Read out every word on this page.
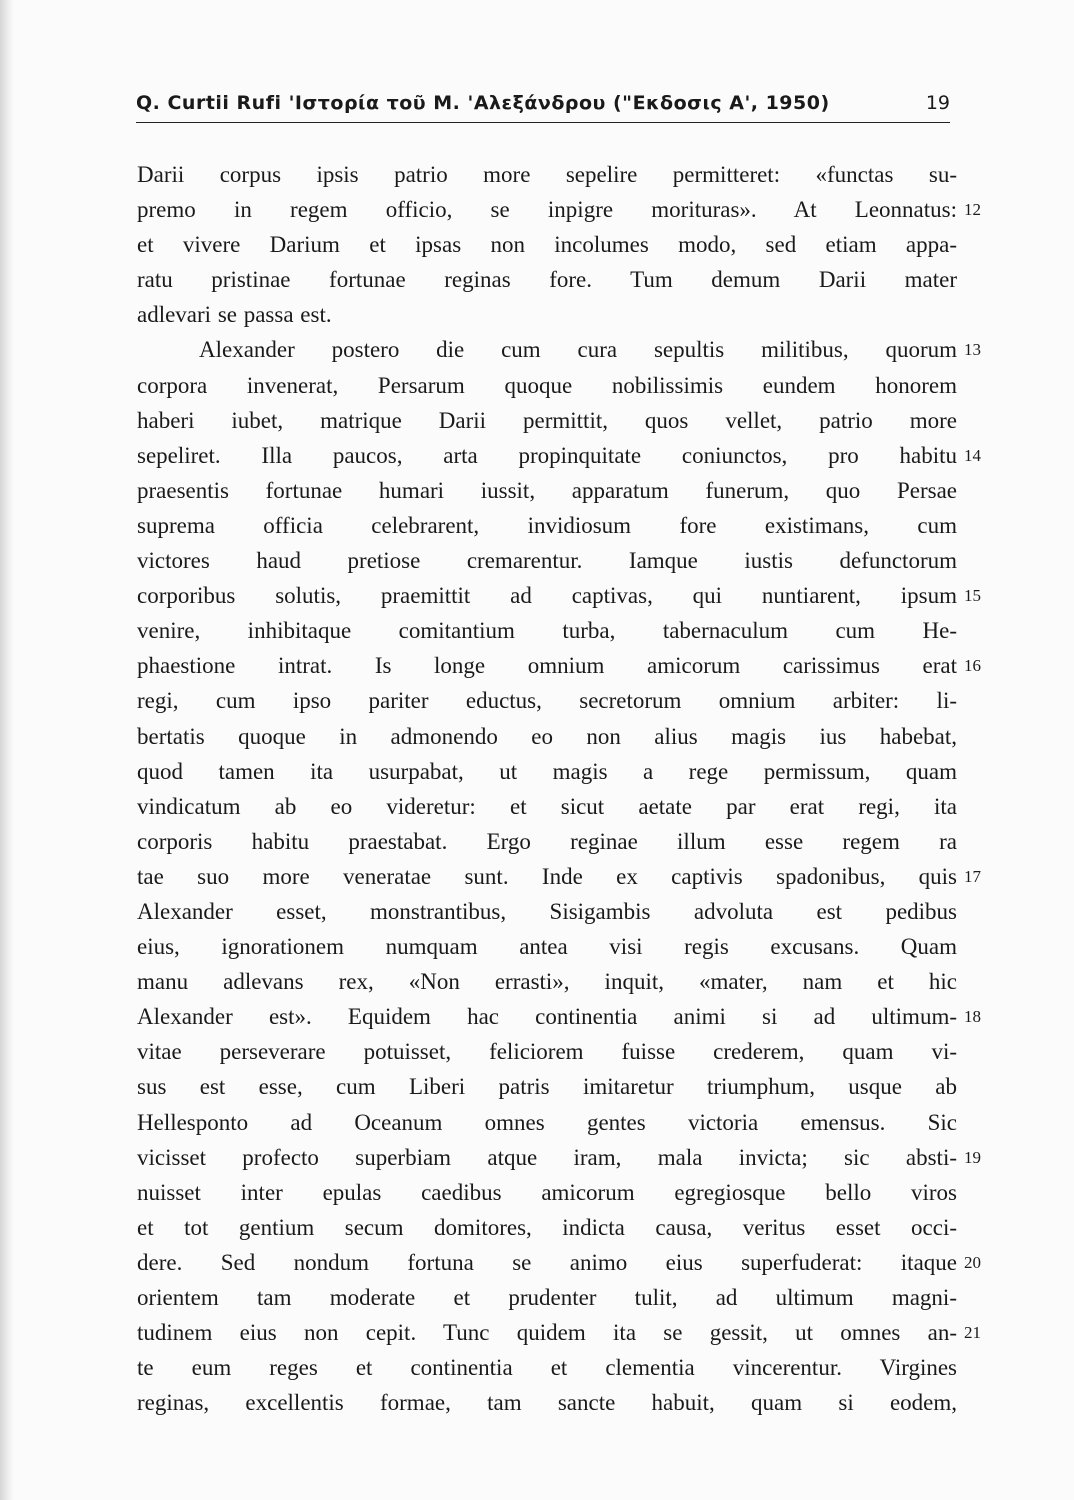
Q. Curtii Rufi 'Ιστορία τοῦ Μ. 'Αλεξάνδρου ("Εκδοσις Α', 1950)	19
Darii corpus ipsis patrio more sepelire permitteret: «functas su-
premo in regem officio, se inpigre morituras». At Leonnatus: 12
et vivere Darium et ipsas non incolumes modo, sed etiam appa-
ratu pristinae fortunae reginas fore. Tum demum Darii mater
adlevari se passa est.
Alexander postero die cum cura sepultis militibus, quorum 13
corpora invenerat, Persarum quoque nobilissimis eundem honorem
haberi iubet, matrique Darii permittit, quos vellet, patrio more
sepeliret. Illa paucos, arta propinquitate coniunctos, pro habitu 14
praesentis fortunae humari iussit, apparatum funerum, quo Persae
suprema officia celebrarent, invidiosum fore existimans, cum
victores haud pretiose cremarentur. Iamque iustis defunctorum
corporibus solutis, praemittit ad captivas, qui nuntiarent, ipsum 15
venire, inhibitaque comitantium turba, tabernaculum cum He-
phaestione intrat. Is longe omnium amicorum carissimus erat 16
regi, cum ipso pariter eductus, secretorum omnium arbiter: li-
bertatis quoque in admonendo eo non alius magis ius habebat,
quod tamen ita usurpabat, ut magis a rege permissum, quam
vindicatum ab eo videretur: et sicut aetate par erat regi, ita
corporis habitu praestabat. Ergo reginae illum esse regem ra
tae suo more veneratae sunt. Inde ex captivis spadonibus, quis 17
Alexander esset, monstrantibus, Sisigambis advoluta est pedibus
eius, ignorationem numquam antea visi regis excusans. Quam
manu adlevans rex, «Non errasti», inquit, «mater, nam et hic
Alexander est». Equidem hac continentia animi si ad ultimum- 18
vitae perseverare potuisset, feliciorem fuisse crederem, quam vi-
sus est esse, cum Liberi patris imitaretur triumphum, usque ab
Hellesponto ad Oceanum omnes gentes victoria emensus. Sic
vicisset profecto superbiam atque iram, mala invicta; sic absti- 19
nuisset inter epulas caedibus amicorum egregiosque bello viros
et tot gentium secum domitores, indicta causa, veritus esset occi-
dere. Sed nondum fortuna se animo eius superfuderat: itaque 20
orientem tam moderate et prudenter tulit, ad ultimum magni-
tudinem eius non cepit. Tunc quidem ita se gessit, ut omnes an- 21
te eum reges et continentia et clementia vincerentur. Virgines
reginas, excellentis formae, tam sancte habuit, quam si eodem,
